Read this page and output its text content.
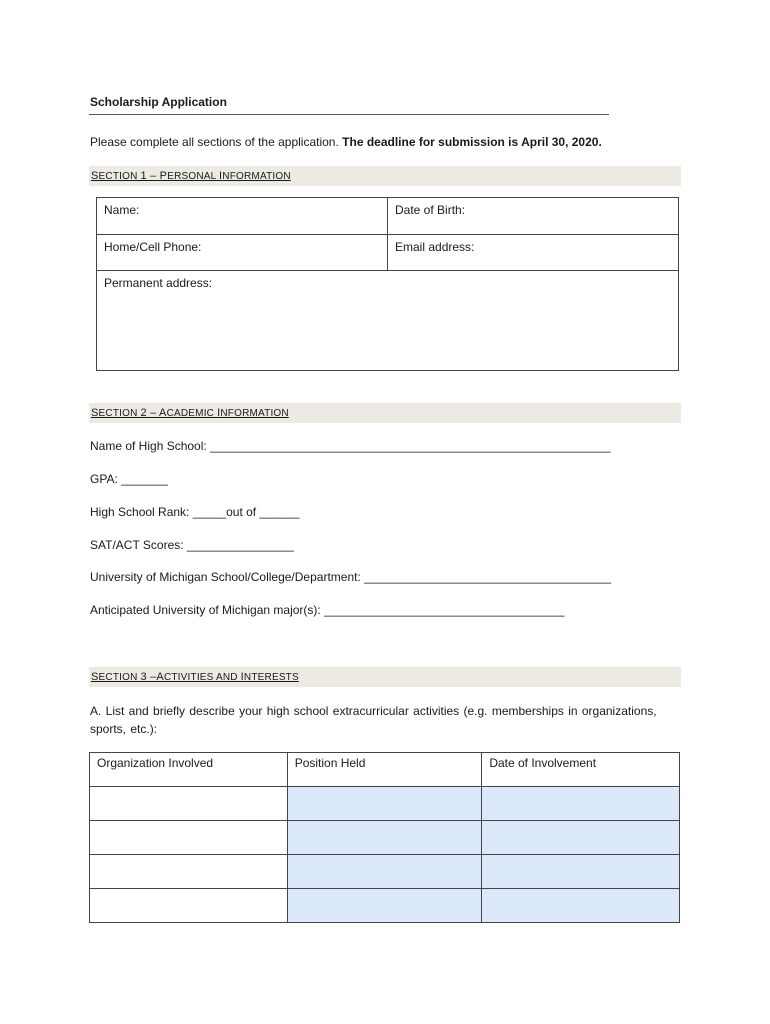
Scholarship Application
Please complete all sections of the application. The deadline for submission is April 30, 2020.
SECTION 1 – PERSONAL INFORMATION
Name:	Date of Birth:
Home/Cell Phone:	Email address:
Permanent address:
SECTION 2 – ACADEMIC INFORMATION
Name of High School: ____________________________________________________________
GPA: _______
High School Rank: _____out of ______
SAT/ACT Scores: ________________
University of Michigan School/College/Department: _____________________________________
Anticipated University of Michigan major(s): ____________________________________
SECTION 3 –ACTIVITIES AND INTERESTS
A. List and briefly describe your high school extracurricular activities (e.g. memberships in organizations, sports, etc.):
Organization Involved	Position Held	Date of Involvement
